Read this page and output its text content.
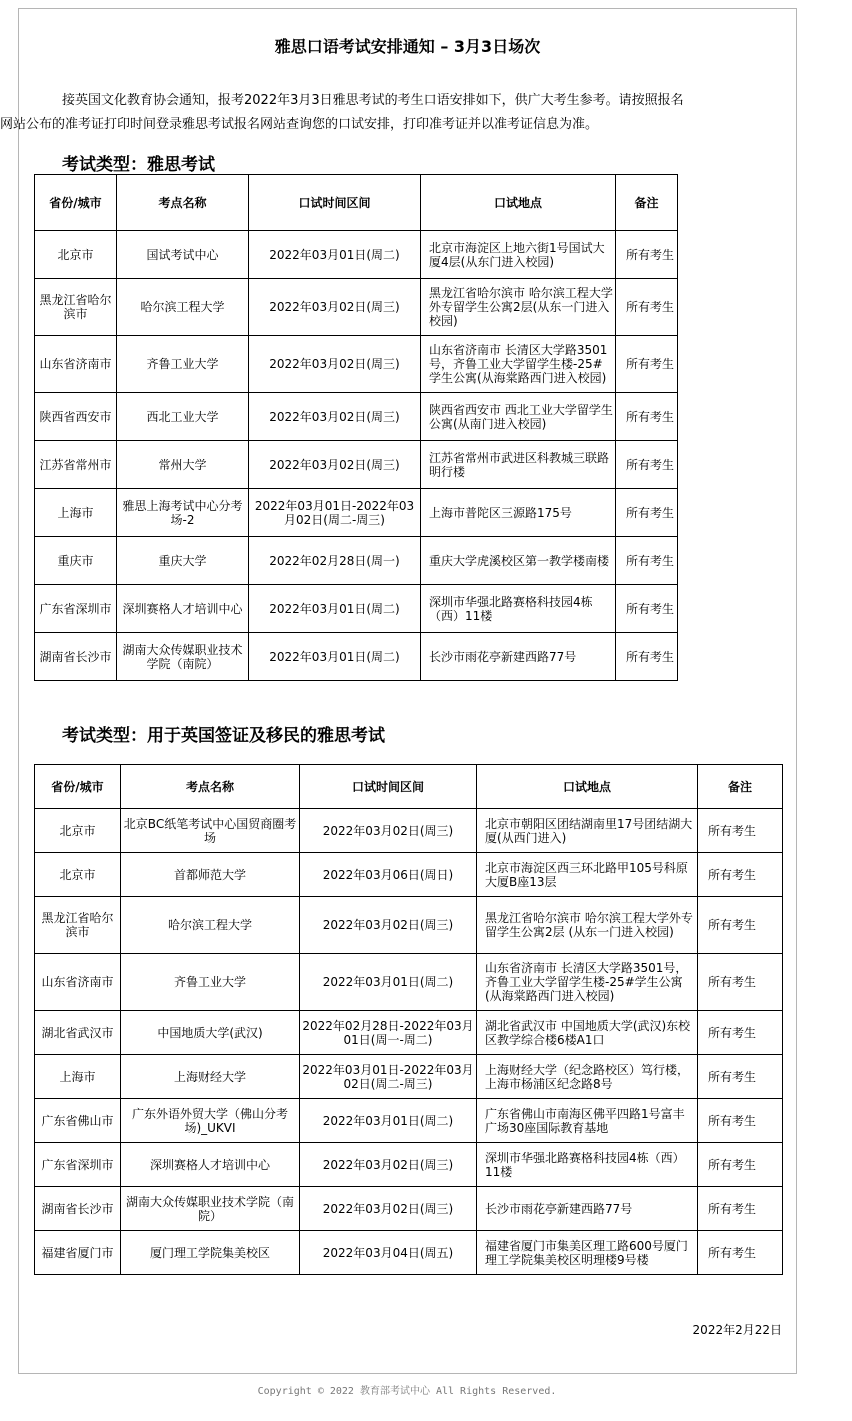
雅思口语考试安排通知 – 3月3日场次
接英国文化教育协会通知，报考2022年3月3日雅思考试的考生口语安排如下，供广大考生参考。请按照报名
网站公布的准考证打印时间登录雅思考试报名网站查询您的口试安排，打印准考证并以准考证信息为准。
考试类型：雅思考试
省份/城市	考点名称	口试时间区间	口试地点	备注
北京市	国试考试中心	2022年03月01日(周二)	北京市海淀区上地六街1号国试大厦4层(从东门进入校园)	所有考生
黑龙江省哈尔滨市	哈尔滨工程大学	2022年03月02日(周三)	黑龙江省哈尔滨市 哈尔滨工程大学外专留学生公寓2层(从东一门进入校园)	所有考生
山东省济南市	齐鲁工业大学	2022年03月02日(周三)	山东省济南市 长清区大学路3501号，齐鲁工业大学留学生楼-25#学生公寓(从海棠路西门进入校园)	所有考生
陕西省西安市	西北工业大学	2022年03月02日(周三)	陕西省西安市 西北工业大学留学生公寓(从南门进入校园)	所有考生
江苏省常州市	常州大学	2022年03月02日(周三)	江苏省常州市武进区科教城三联路明行楼	所有考生
上海市	雅思上海考试中心分考场-2	2022年03月01日-2022年03月02日(周二-周三)	上海市普陀区三源路175号	所有考生
重庆市	重庆大学	2022年02月28日(周一)	重庆大学虎溪校区第一教学楼南楼	所有考生
广东省深圳市	深圳赛格人才培训中心	2022年03月01日(周二)	深圳市华强北路赛格科技园4栋（西）11楼	所有考生
湖南省长沙市	湖南大众传媒职业技术学院（南院）	2022年03月01日(周二)	长沙市雨花亭新建西路77号	所有考生
考试类型：用于英国签证及移民的雅思考试
省份/城市	考点名称	口试时间区间	口试地点	备注
北京市	北京BC纸笔考试中心国贸商圈考场	2022年03月02日(周三)	北京市朝阳区团结湖南里17号团结湖大厦(从西门进入)	所有考生
北京市	首都师范大学	2022年03月06日(周日)	北京市海淀区西三环北路甲105号科原大厦B座13层	所有考生
黑龙江省哈尔滨市	哈尔滨工程大学	2022年03月02日(周三)	黑龙江省哈尔滨市 哈尔滨工程大学外专留学生公寓2层 (从东一门进入校园)	所有考生
山东省济南市	齐鲁工业大学	2022年03月01日(周二)	山东省济南市 长清区大学路3501号，齐鲁工业大学留学生楼-25#学生公寓(从海棠路西门进入校园)	所有考生
湖北省武汉市	中国地质大学(武汉)	2022年02月28日-2022年03月01日(周一-周二)	湖北省武汉市 中国地质大学(武汉)东校区教学综合楼6楼A1口	所有考生
上海市	上海财经大学	2022年03月01日-2022年03月02日(周二-周三)	上海财经大学（纪念路校区）笃行楼，上海市杨浦区纪念路8号	所有考生
广东省佛山市	广东外语外贸大学（佛山分考场)_UKVI	2022年03月01日(周二)	广东省佛山市南海区佛平四路1号富丰广场30座国际教育基地	所有考生
广东省深圳市	深圳赛格人才培训中心	2022年03月02日(周三)	深圳市华强北路赛格科技园4栋（西）11楼	所有考生
湖南省长沙市	湖南大众传媒职业技术学院（南院）	2022年03月02日(周三)	长沙市雨花亭新建西路77号	所有考生
福建省厦门市	厦门理工学院集美校区	2022年03月04日(周五)	福建省厦门市集美区理工路600号厦门理工学院集美校区明理楼9号楼	所有考生
2022年2月22日
Copyright © 2022 教育部考试中心 All Rights Reserved.
